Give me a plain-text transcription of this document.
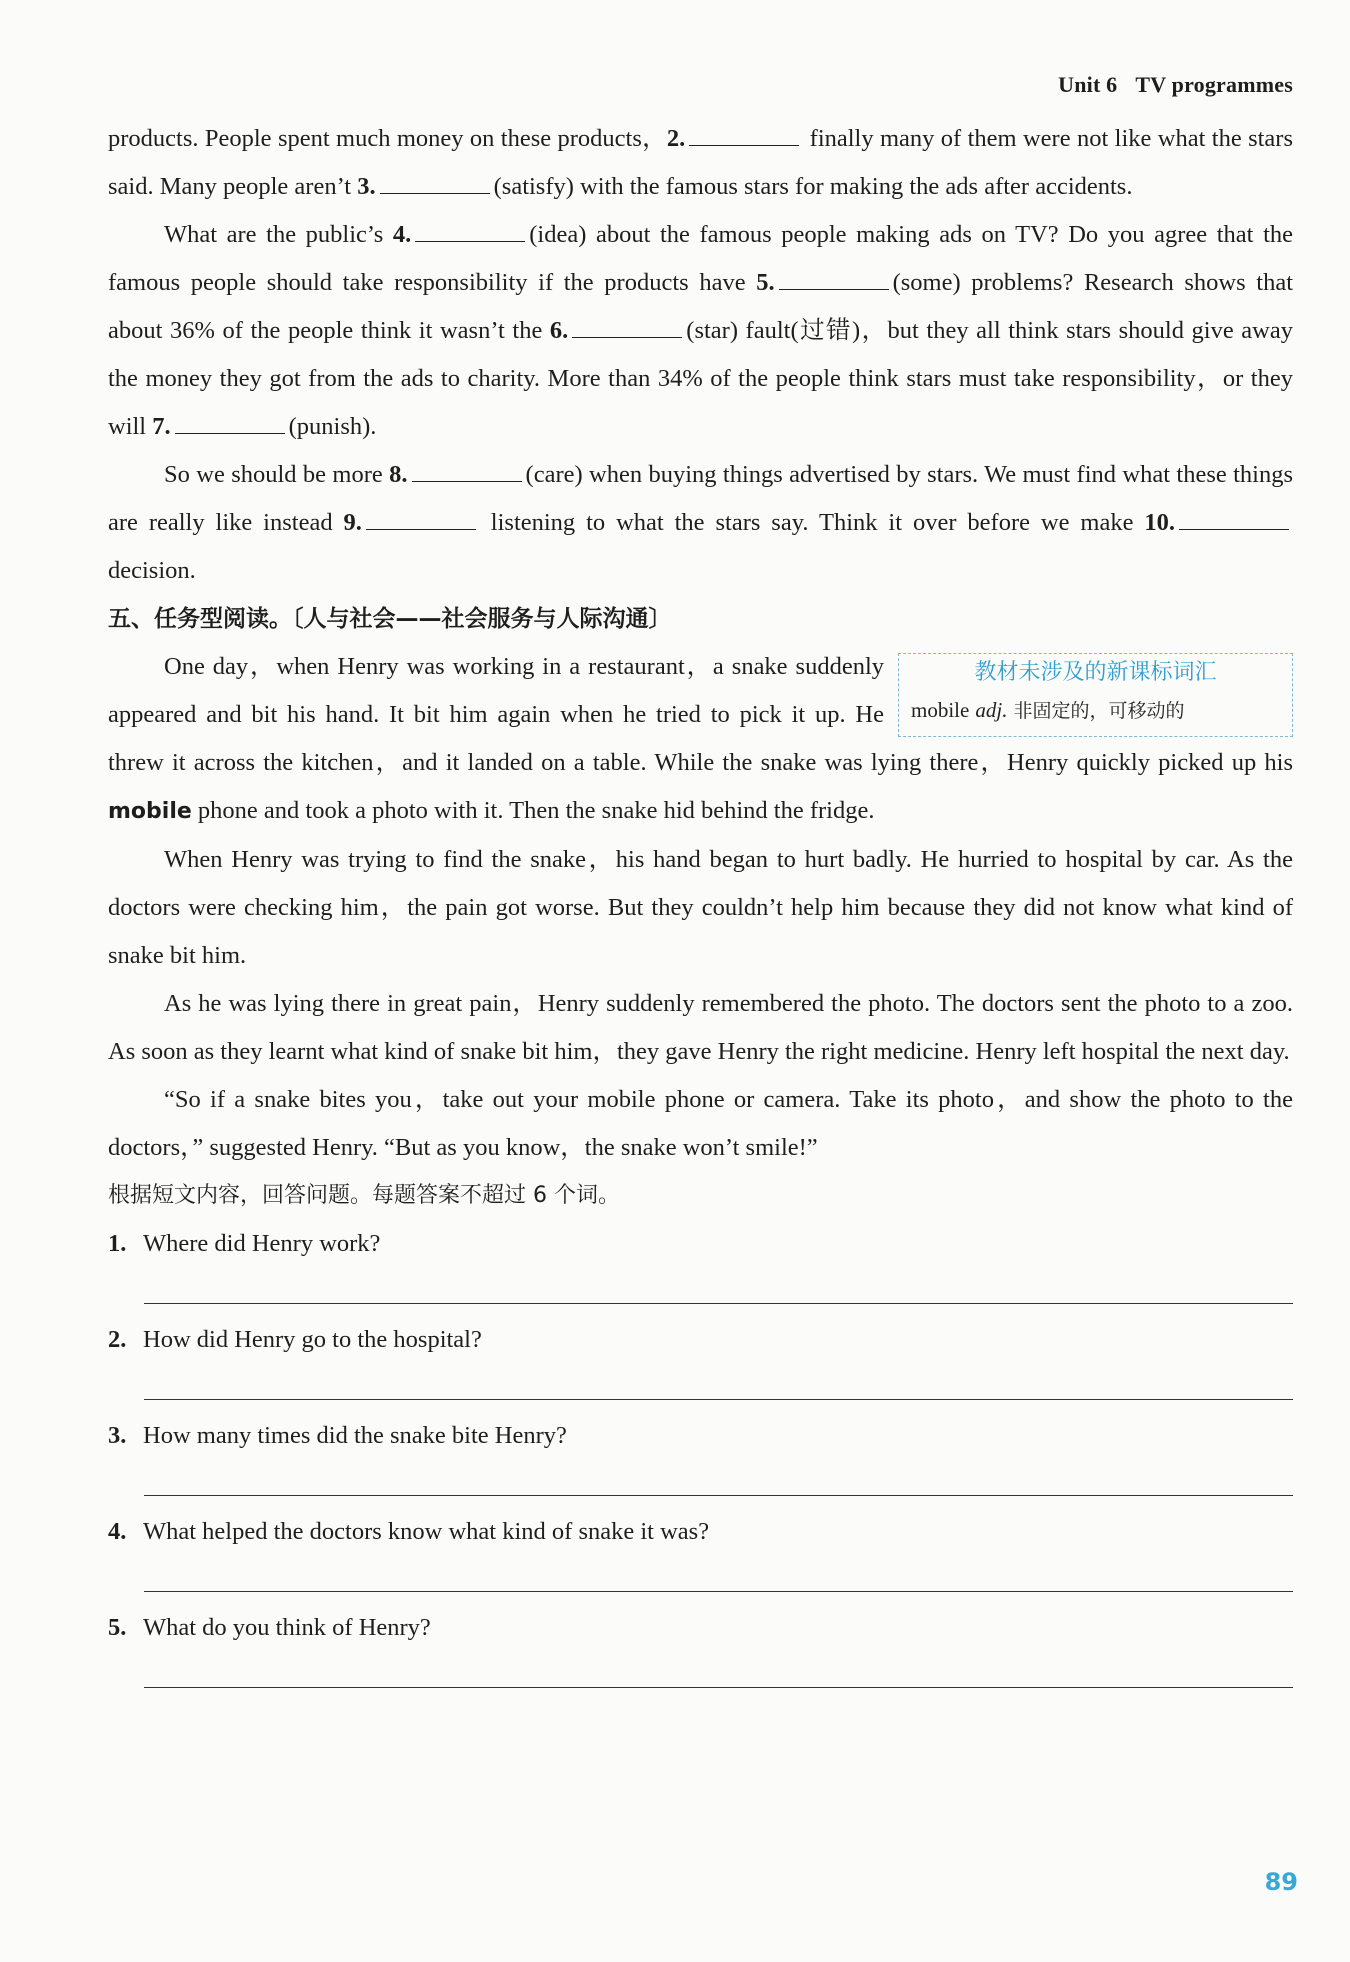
Unit 6 TV programmes

products. People spent much money on these products，2.	finally many of them were not like what the stars said. Many people aren’t 3.	(satisfy) with the famous stars for making the ads after accidents.

What are the public’s 4.	(idea) about the famous people making ads on TV? Do you agree that the famous people should take responsibility if the products have 5.	(some) problems? Research shows that about 36% of the people think it wasn’t the 6.	(star) fault(过错)，but they all think stars should give away the money they got from the ads to charity. More than 34% of the people think stars must take responsibility，or they will 7.	(punish).

So we should be more 8.	(care) when buying things advertised by stars. We must find what these things are really like instead 9.	listening to what the stars say. Think it over before we make 10. decision.

五、任务型阅读。〔人与社会——社会服务与人际沟通〕
教材未涉及的新课标词汇
mobile adj. 非固定的，可移动的

One day，when Henry was working in a restaurant，a snake suddenly appeared and bit his hand. It bit him again when he tried to pick it up. He threw it across the kitchen，and it landed on a table. While the snake was lying there，Henry quickly picked up his mobile phone and took a photo with it. Then the snake hid behind the fridge.

When Henry was trying to find the snake，his hand began to hurt badly. He hurried to hospital by car. As the doctors were checking him，the pain got worse. But they couldn’t help him because they did not know what kind of snake bit him.

As he was lying there in great pain，Henry suddenly remembered the photo. The doctors sent the photo to a zoo. As soon as they learnt what kind of snake bit him，they gave Henry the right medicine. Henry left hospital the next day.

“So if a snake bites you，take out your mobile phone or camera. Take its photo，and show the photo to the doctors，” suggested Henry. “But as you know，the snake won’t smile!”

根据短文内容，回答问题。每题答案不超过 6 个词。
1. Where did Henry work?
2. How did Henry go to the hospital?
3. How many times did the snake bite Henry?
4. What helped the doctors know what kind of snake it was?
5. What do you think of Henry?
89
